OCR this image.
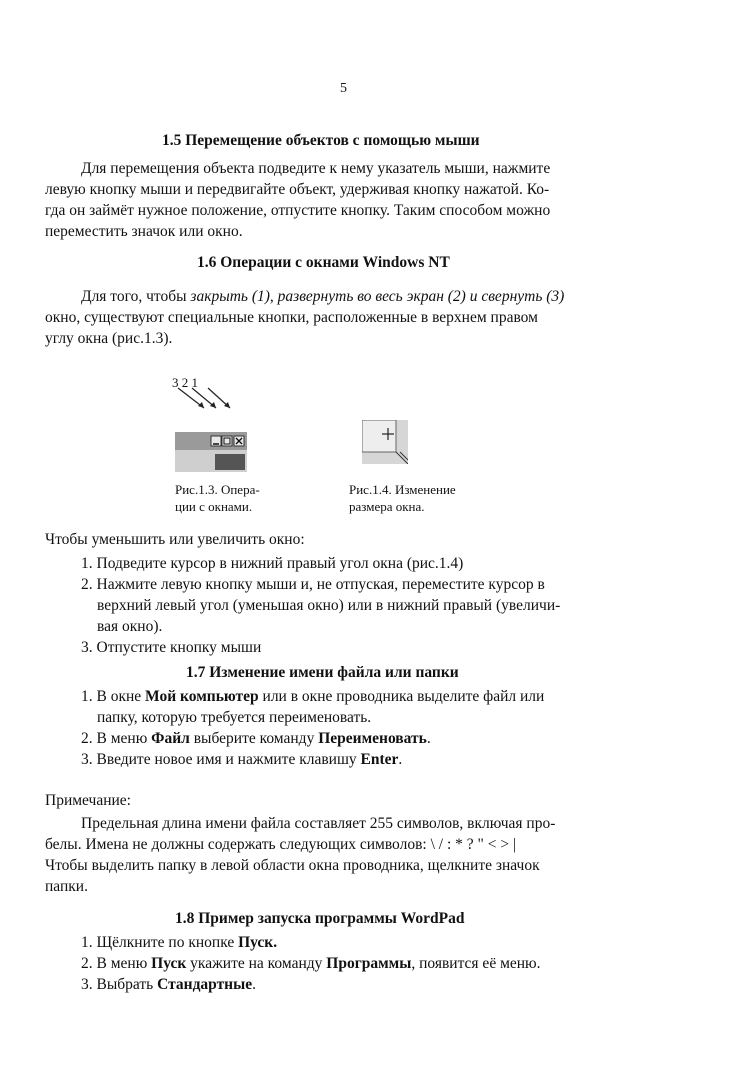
5
1.5 Перемещение объектов с помощью мыши
Для перемещения объекта подведите к нему указатель мыши, нажмите
левую кнопку мыши и передвигайте объект, удерживая кнопку нажатой. Ко-
гда он займёт нужное положение, отпустите кнопку. Таким способом можно
переместить значок или окно.
1.6 Операции с окнами Windows NT
Для того, чтобы закрыть (1), развернуть во весь экран (2) и свернуть (3)
окно, существуют специальные кнопки, расположенные в верхнем правом
углу окна (рис.1.3).
3 2 1
Рис.1.3. Опера-
ции с окнами.
Рис.1.4. Изменение
размера окна.
Чтобы уменьшить или увеличить окно:
1. Подведите курсор в нижний правый угол окна (рис.1.4)
2. Нажмите левую кнопку мыши и, не отпуская, переместите курсор в
верхний левый угол (уменьшая окно) или в нижний правый (увеличи-
вая окно).
3. Отпустите кнопку мыши
1.7 Изменение имени файла или папки
1. В окне Мой компьютер или в окне проводника выделите файл или
папку, которую требуется переименовать.
2. В меню Файл выберите команду Переименовать.
3. Введите новое имя и нажмите клавишу Enter.
Примечание:
Предельная длина имени файла составляет 255 символов, включая про-
белы. Имена не должны содержать следующих символов: \ / : * ? " < > |
Чтобы выделить папку в левой области окна проводника, щелкните значок
папки.
1.8 Пример запуска программы WordPad
1. Щёлкните по кнопке Пуск.
2. В меню Пуск укажите на команду Программы, появится её меню.
3. Выбрать Стандартные.
